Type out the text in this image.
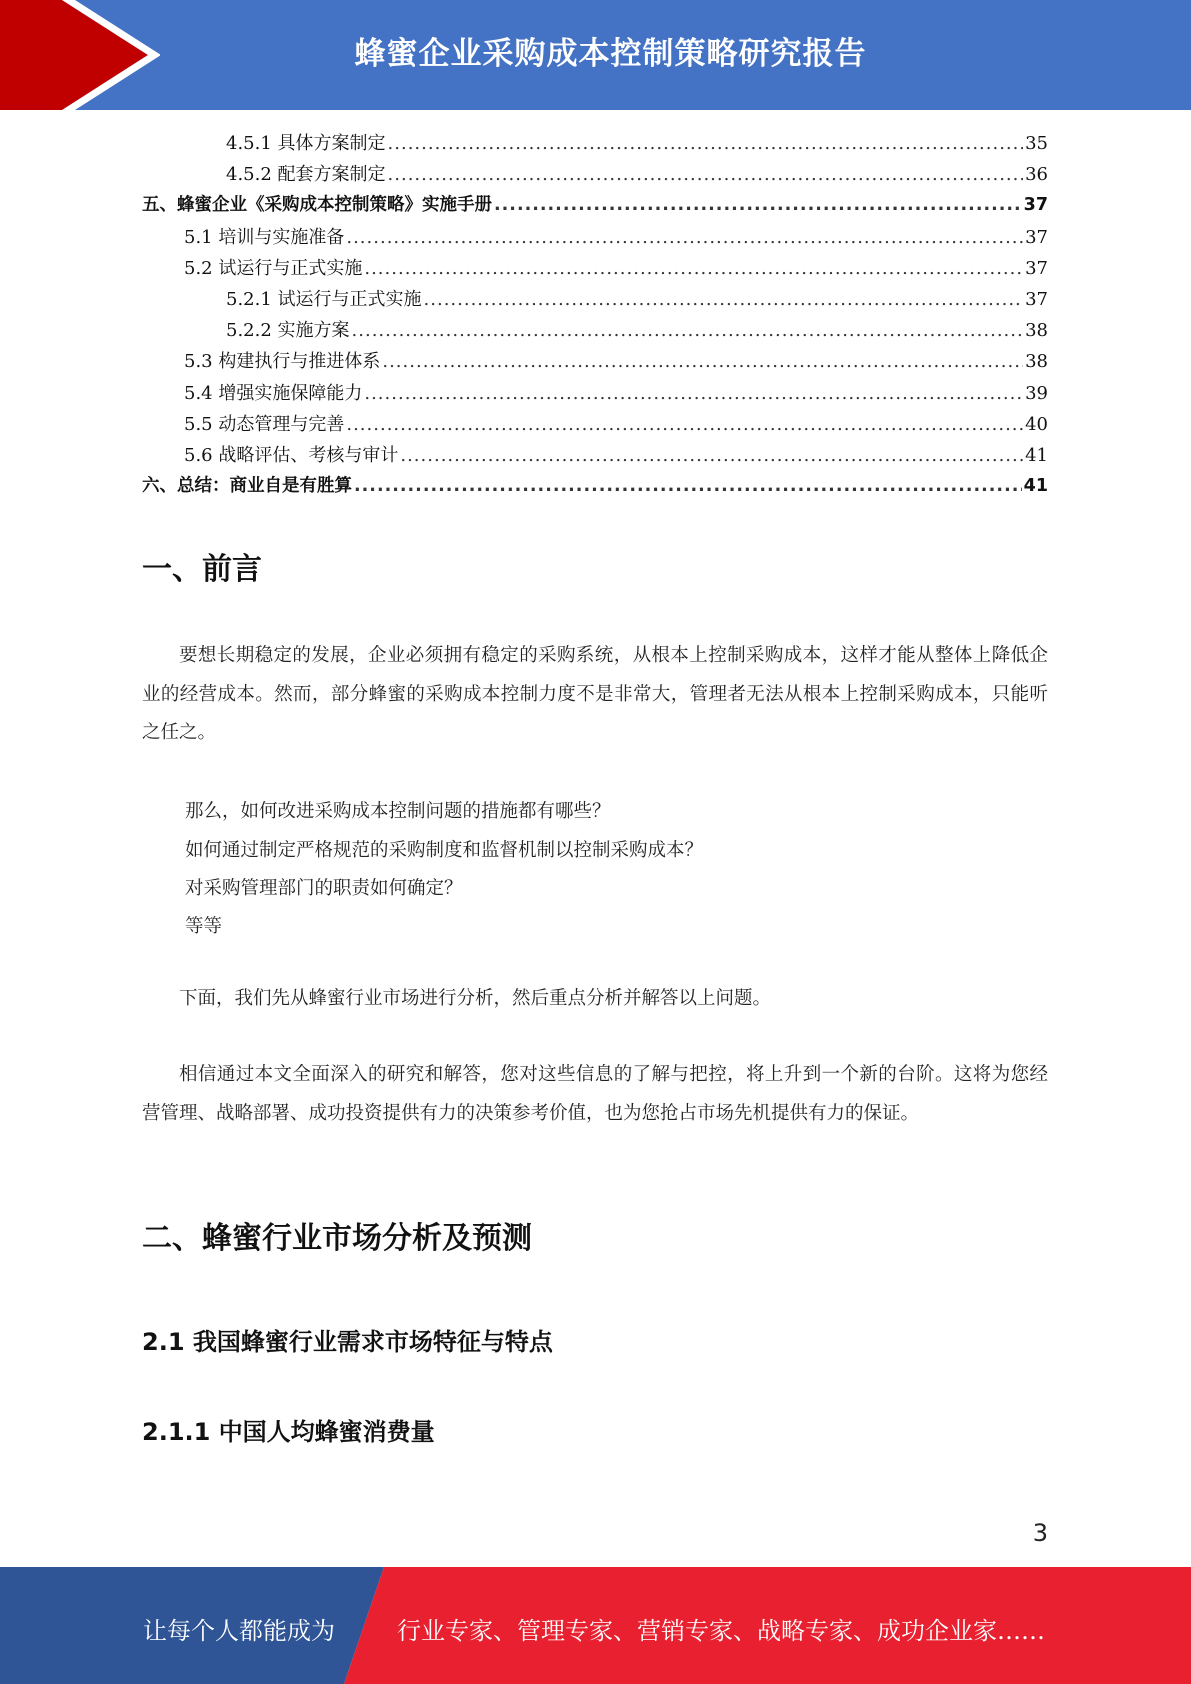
蜂蜜企业采购成本控制策略研究报告
4.5.1 具体方案制定 .....	35
4.5.2 配套方案制定 .....	36
五、蜂蜜企业《采购成本控制策略》实施手册 .....	37
5.1 培训与实施准备 .....	37
5.2 试运行与正式实施 .....	37
5.2.1 试运行与正式实施 .....	37
5.2.2 实施方案 .....	38
5.3 构建执行与推进体系 .....	38
5.4 增强实施保障能力 .....	39
5.5 动态管理与完善 .....	40
5.6 战略评估、考核与审计 .....	41
六、总结：商业自是有胜算 .....	41
一、前言
要想长期稳定的发展，企业必须拥有稳定的采购系统，从根本上控制采购成本，这样才能从整体上降低企业的经营成本。然而，部分蜂蜜的采购成本控制力度不是非常大，管理者无法从根本上控制采购成本，只能听之任之。
那么，如何改进采购成本控制问题的措施都有哪些？
如何通过制定严格规范的采购制度和监督机制以控制采购成本？
对采购管理部门的职责如何确定？
等等
下面，我们先从蜂蜜行业市场进行分析，然后重点分析并解答以上问题。
相信通过本文全面深入的研究和解答，您对这些信息的了解与把控，将上升到一个新的台阶。这将为您经营管理、战略部署、成功投资提供有力的决策参考价值，也为您抢占市场先机提供有力的保证。
二、蜂蜜行业市场分析及预测
2.1 我国蜂蜜行业需求市场特征与特点
2.1.1 中国人均蜂蜜消费量
3
让每个人都能成为	行业专家、管理专家、营销专家、战略专家、成功企业家……
